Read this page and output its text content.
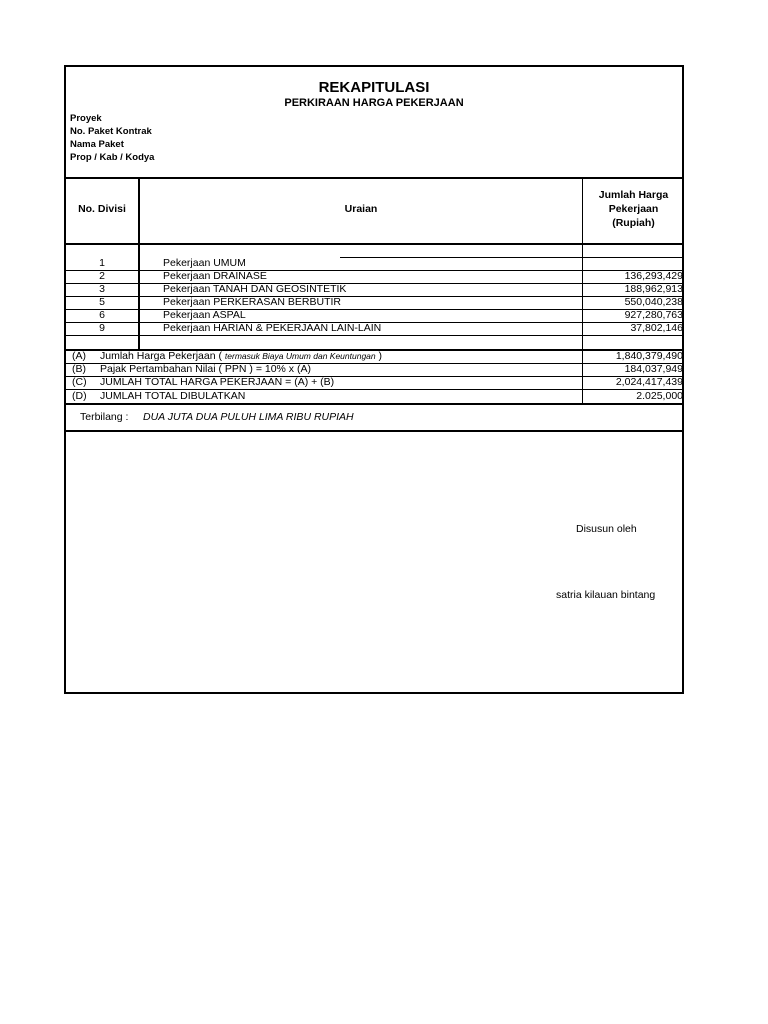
REKAPITULASI
PERKIRAAN HARGA PEKERJAAN
Proyek
No. Paket Kontrak
Nama Paket
Prop / Kab / Kodya
No. Divisi	Uraian
Jumlah Harga
Pekerjaan
(Rupiah)
1	Pekerjaan UMUM
2	Pekerjaan DRAINASE	136,293,429
3	Pekerjaan TANAH DAN GEOSINTETIK	188,962,913
5	Pekerjaan PERKERASAN BERBUTIR	550,040,238
6	Pekerjaan ASPAL	927,280,763
9	Pekerjaan HARIAN & PEKERJAAN LAIN-LAIN	37,802,146
(A) Jumlah Harga Pekerjaan ( termasuk Biaya Umum dan Keuntungan )	1,840,379,490
(B) Pajak Pertambahan Nilai ( PPN ) = 10% x (A)	184,037,949
(C) JUMLAH TOTAL HARGA PEKERJAAN = (A) + (B)	2,024,417,439
(D) JUMLAH TOTAL DIBULATKAN	2.025,000
Terbilang : DUA JUTA DUA PULUH LIMA RIBU RUPIAH
Disusun oleh
satria kilauan bintang
